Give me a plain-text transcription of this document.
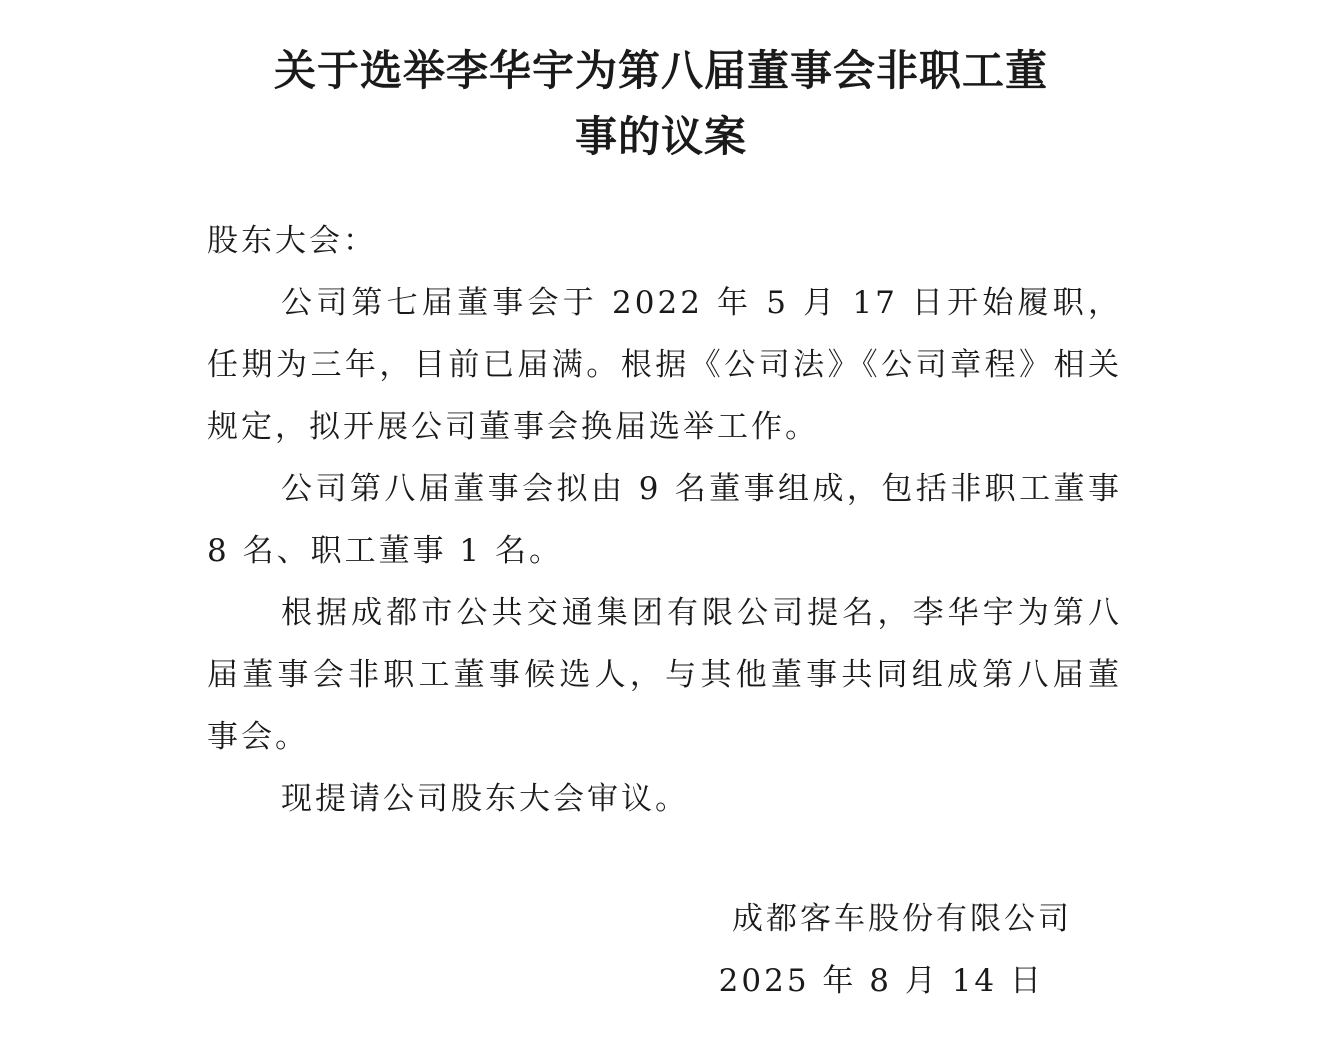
关于选举李华宇为第八届董事会非职工董
事的议案

股东大会：

公司第七届董事会于 2022 年 5 月 17 日开始履职，任期为三年，目前已届满。根据《公司法》《公司章程》相关规定，拟开展公司董事会换届选举工作。

公司第八届董事会拟由 9 名董事组成，包括非职工董事 8 名、职工董事 1 名。

根据成都市公共交通集团有限公司提名，李华宇为第八届董事会非职工董事候选人，与其他董事共同组成第八届董事会。

现提请公司股东大会审议。

成都客车股份有限公司
2025 年 8 月 14 日
